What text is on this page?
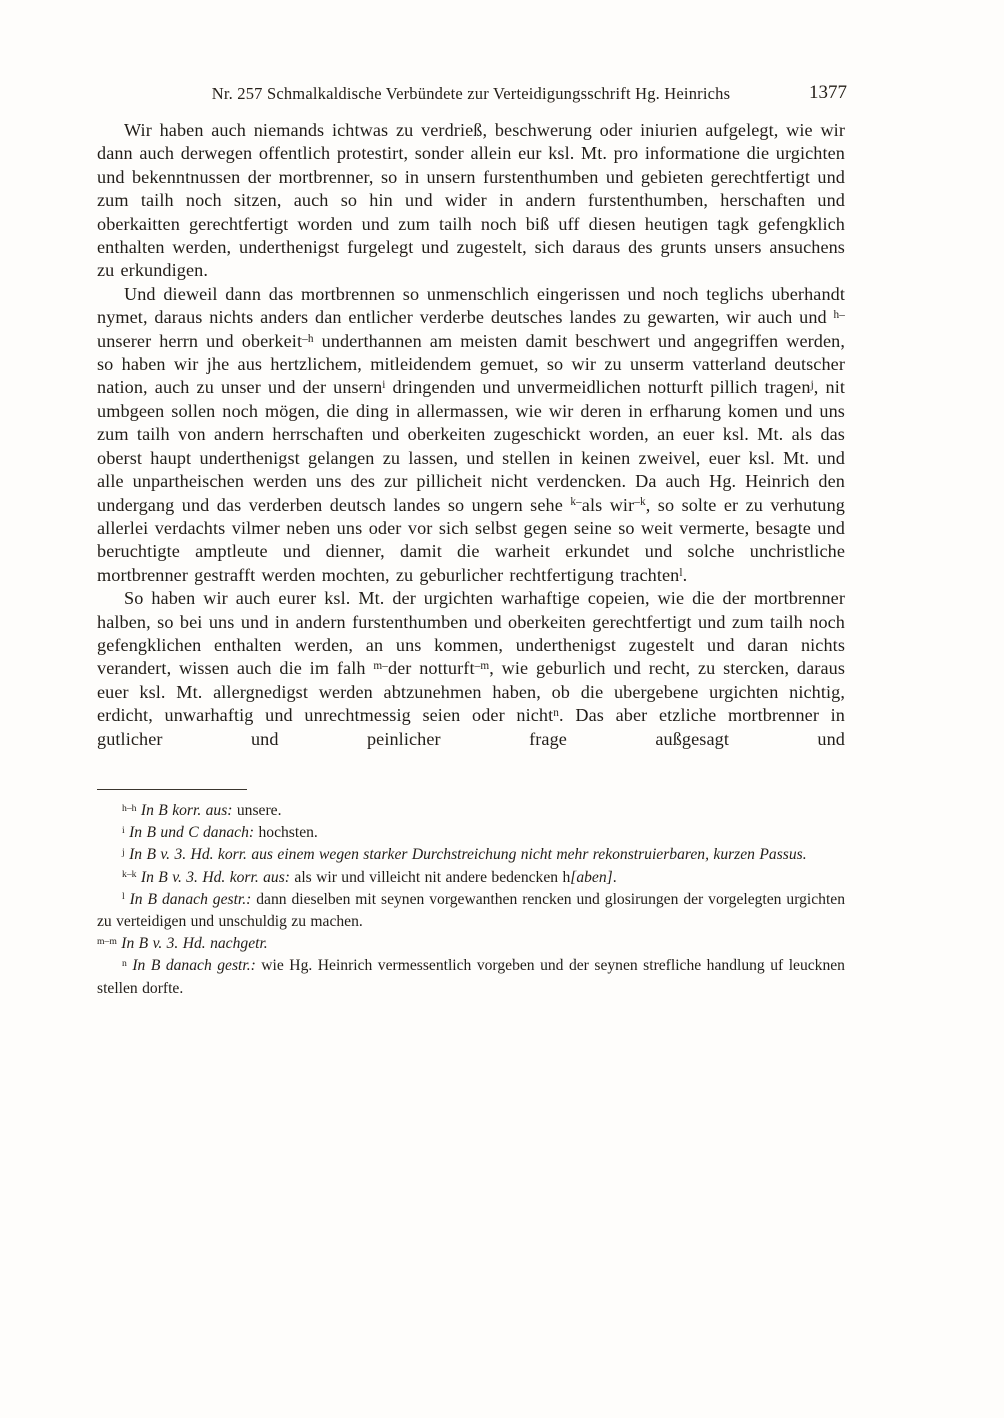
Nr. 257 Schmalkaldische Verbündete zur Verteidigungsschrift Hg. Heinrichs	1377

Wir haben auch niemands ichtwas zu verdrieß, beschwerung oder iniurien aufgelegt, wie wir dann auch derwegen offentlich protestirt, sonder allein eur ksl. Mt. pro informatione die urgichten und bekenntnussen der mortbrenner, so in unsern furstenthumben und gebieten gerechtfertigt und zum tailh noch sitzen, auch so hin und wider in andern furstenthumben, herschaften und oberkaitten gerechtfertigt worden und zum tailh noch biß uff diesen heutigen tagk gefengklich enthalten werden, underthenigst furgelegt und zugestelt, sich daraus des grunts unsers ansuchens zu erkundigen.

Und dieweil dann das mortbrennen so unmenschlich eingerissen und noch teglichs uberhandt nymet, daraus nichts anders dan entlicher verderbe deutsches landes zu gewarten, wir auch und $^{h-}$unserer herrn und oberkeit$^{-h}$ underthannen am meisten damit beschwert und angegriffen werden, so haben wir jhe aus hertzlichem, mitleidendem gemuet, so wir zu unserm vatterland deutscher nation, auch zu unser und der unsern$^i$ dringenden und unvermeidlichen notturft pillich tragen$^j$, nit umbgeen sollen noch mögen, die ding in allermassen, wie wir deren in erfharung komen und uns zum tailh von andern herrschaften und oberkeiten zugeschickt worden, an euer ksl. Mt. als das oberst haupt underthenigst gelangen zu lassen, und stellen in keinen zweivel, euer ksl. Mt. und alle unpartheischen werden uns des zur pillicheit nicht verdencken. Da auch Hg. Heinrich den undergang und das verderben deutsch landes so ungern sehe $^{k-}$als wir$^{-k}$, so solte er zu verhutung allerlei verdachts vilmer neben uns oder vor sich selbst gegen seine so weit vermerte, besagte und beruchtigte amptleute und dienner, damit die warheit erkundet und solche unchristliche mortbrenner gestrafft werden mochten, zu geburlicher rechtfertigung trachten$^l$.

So haben wir auch eurer ksl. Mt. der urgichten warhaftige copeien, wie die der mortbrenner halben, so bei uns und in andern furstenthumben und oberkeiten gerechtfertigt und zum tailh noch gefengklichen enthalten werden, an uns kommen, underthenigst zugestelt und daran nichts verandert, wissen auch die im falh $^{m-}$der notturft$^{-m}$, wie geburlich und recht, zu stercken, daraus euer ksl. Mt. allergnedigst werden abtzunehmen haben, ob die ubergebene urgichten nichtig, erdicht, unwarhaftig und unrechtmessig seien oder nicht$^n$. Das aber etzliche mortbrenner in gutlicher und peinlicher frage außgesagt und

$^{h-h}$ In B korr. aus: unsere.

$^i$ In B und C danach: hochsten.

$^j$ In B v. 3. Hd. korr. aus einem wegen starker Durchstreichung nicht mehr rekonstruierbaren, kurzen Passus.

$^{k-k}$ In B v. 3. Hd. korr. aus: als wir und villeicht nit andere bedencken h[aben].

$^l$ In B danach gestr.: dann dieselben mit seynen vorgewanthen rencken und glosirungen der vorgelegten urgichten zu verteidigen und unschuldig zu machen.

$^{m-m}$ In B v. 3. Hd. nachgetr.

$^n$ In B danach gestr.: wie Hg. Heinrich vermessentlich vorgeben und der seynen strefliche handlung uf leucknen stellen dorfte.
